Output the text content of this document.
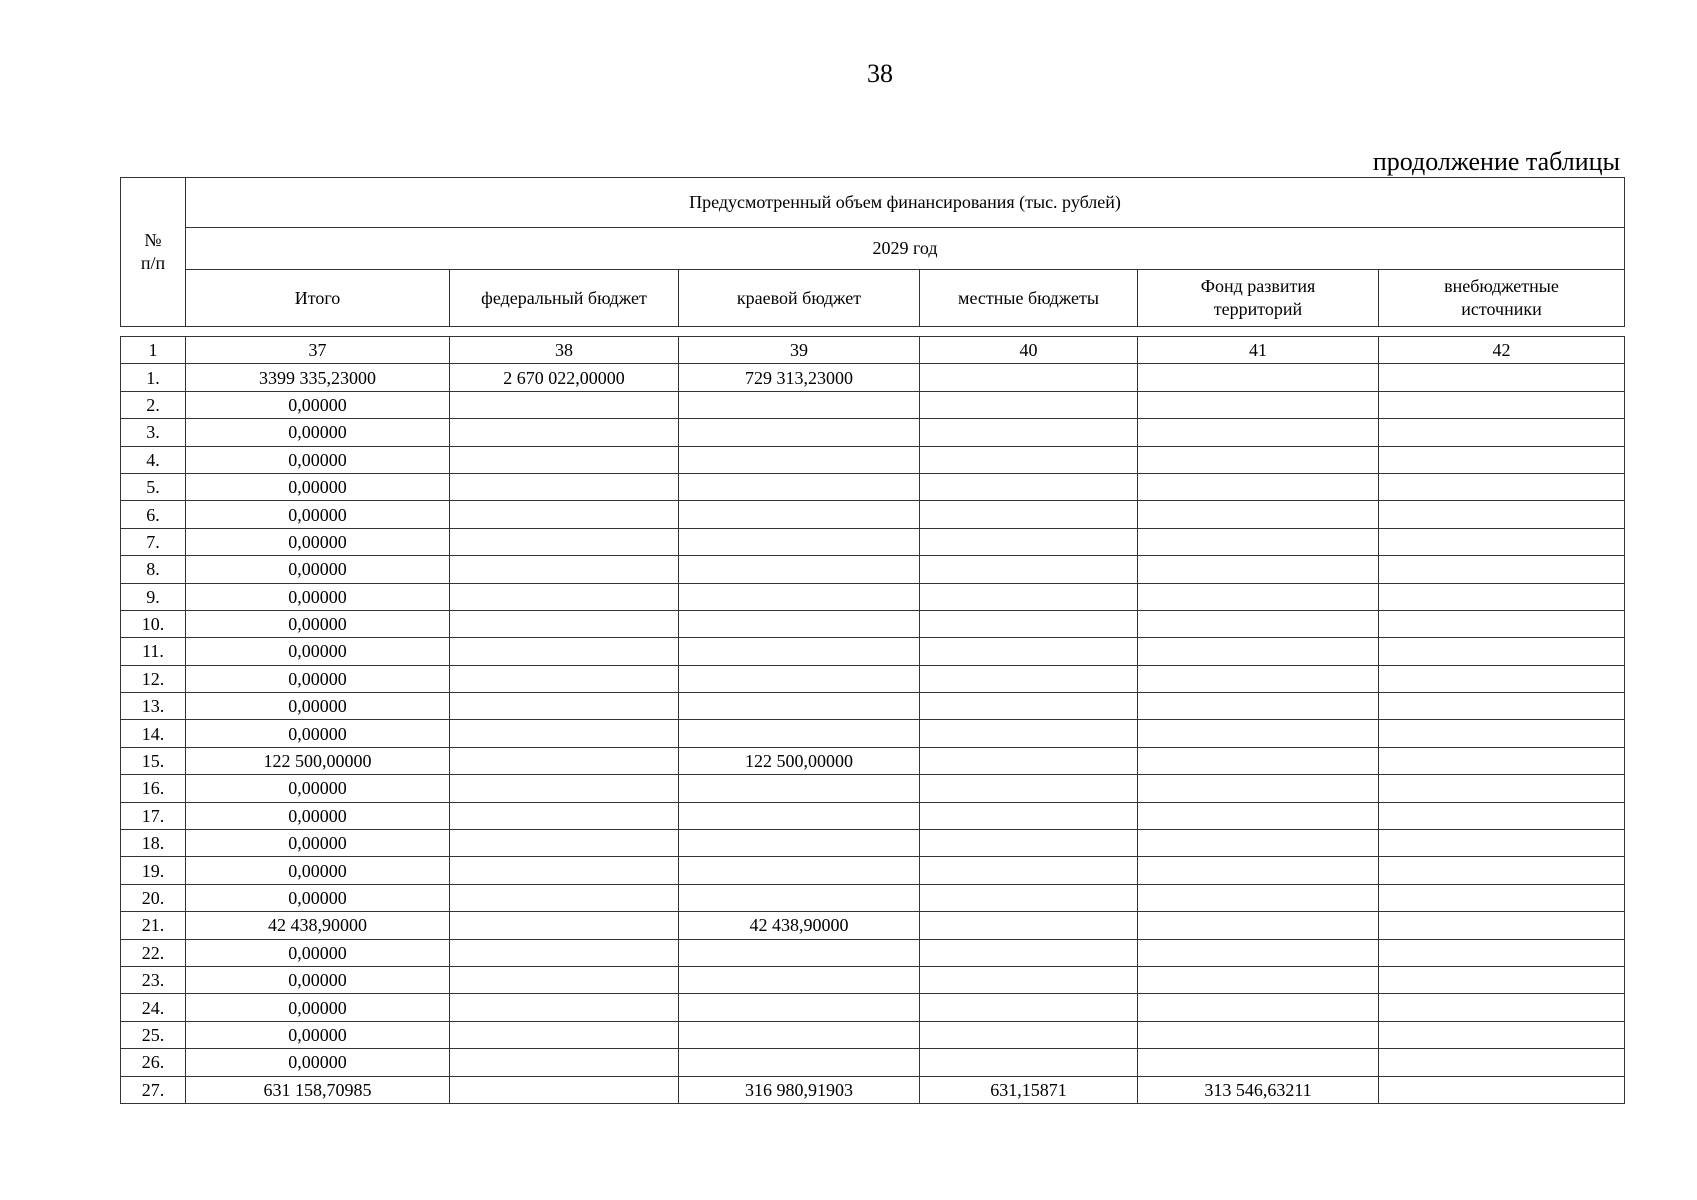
38
продолжение таблицы
№
п/п	Предусмотренный объем финансирования (тыс. рублей)					
	2029 год					
	Итого	федеральный бюджет	краевой бюджет	местные бюджеты	Фонд развития территорий	внебюджетные источники
1	37	38	39	40	41	42
1.	3399 335,23000	2 670 022,00000	729 313,23000			
2.	0,00000					
3.	0,00000					
4.	0,00000					
5.	0,00000					
6.	0,00000					
7.	0,00000					
8.	0,00000					
9.	0,00000					
10.	0,00000					
11.	0,00000					
12.	0,00000					
13.	0,00000					
14.	0,00000					
15.	122 500,00000		122 500,00000			
16.	0,00000					
17.	0,00000					
18.	0,00000					
19.	0,00000					
20.	0,00000					
21.	42 438,90000		42 438,90000			
22.	0,00000					
23.	0,00000					
24.	0,00000					
25.	0,00000					
26.	0,00000					
27.	631 158,70985		316 980,91903	631,15871	313 546,63211	
